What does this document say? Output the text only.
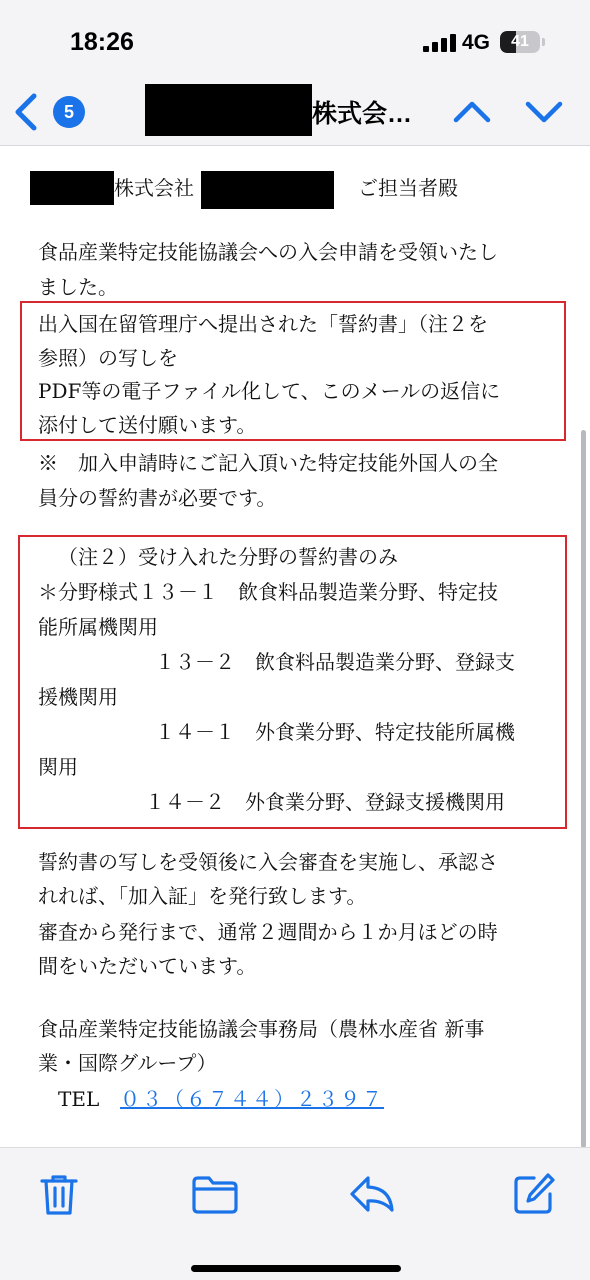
18:26	4G	41
5	株式会…
株式会社	ご担当者殿
食品産業特定技能協議会への入会申請を受領いたし
ました。
出入国在留管理庁へ提出された「誓約書」（注２を
参照）の写しを
PDF等の電子ファイル化して、このメールの返信に
添付して送付願います。
※　加入申請時にご記入頂いた特定技能外国人の全
員分の誓約書が必要です。
（注２）受け入れた分野の誓約書のみ
＊分野様式１３－１　飲食料品製造業分野、特定技
能所属機関用
１３－２　飲食料品製造業分野、登録支
援機関用
１４－１　外食業分野、特定技能所属機
関用
１４－２　外食業分野、登録支援機関用
誓約書の写しを受領後に入会審査を実施し、承認さ
れれば、「加入証」を発行致します。
審査から発行まで、通常２週間から１か月ほどの時
間をいただいています。
食品産業特定技能協議会事務局（農林水産省 新事
業・国際グループ）
TEL ０３（６７４４）２３９７
